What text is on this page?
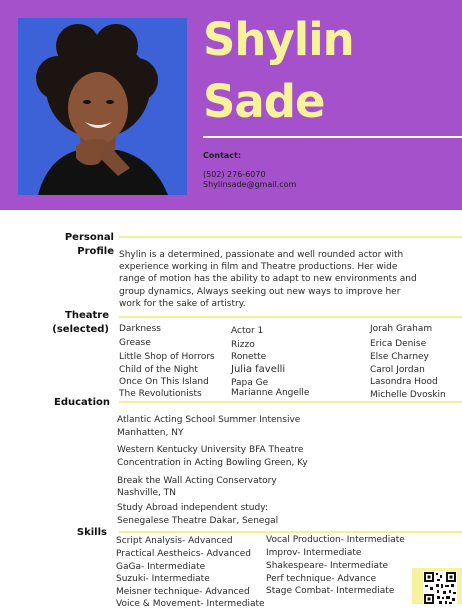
Shylin
Sade
Contact:
(502) 276-6070
Shylinsade@gmail.com
Personal
Profile Shylin is a determined, passionate and well rounded actor with experience working in film and Theatre productions. Her wide range of motion has the ability to adapt to new environments and group dynamics, Always seeking out new ways to improve her work for the sake of artistry.
Theatre
(selected) Darkness
Grease
Little Shop of Horrors
Child of the Night
Once On This Island
The Revolutionists
Actor 1
Rizzo
Ronette
Julia favelli
Papa Ge
Marianne Angelle
Jorah Graham
Erica Denise
Else Charney
Carol Jordan
Lasondra Hood
Michelle Dvoskin
Education
Atlantic Acting School Summer Intensive
Manhatten, NY
Western Kentucky University BFA Theatre
Concentration in Acting Bowling Green, Ky
Break the Wall Acting Conservatory
Nashville, TN
Study Abroad independent study:
Senegalese Theatre Dakar, Senegal
Skills
Script Analysis- Advanced
Practical Aestheics- Advanced
GaGa- Intermediate
Suzuki- Intermediate
Meisner technique- Advanced
Voice & Movement- Intermediate
Vocal Production- Intermediate
Improv- Intermediate
Shakespeare- Intermediate
Perf technique- Advance
Stage Combat- Intermediate
